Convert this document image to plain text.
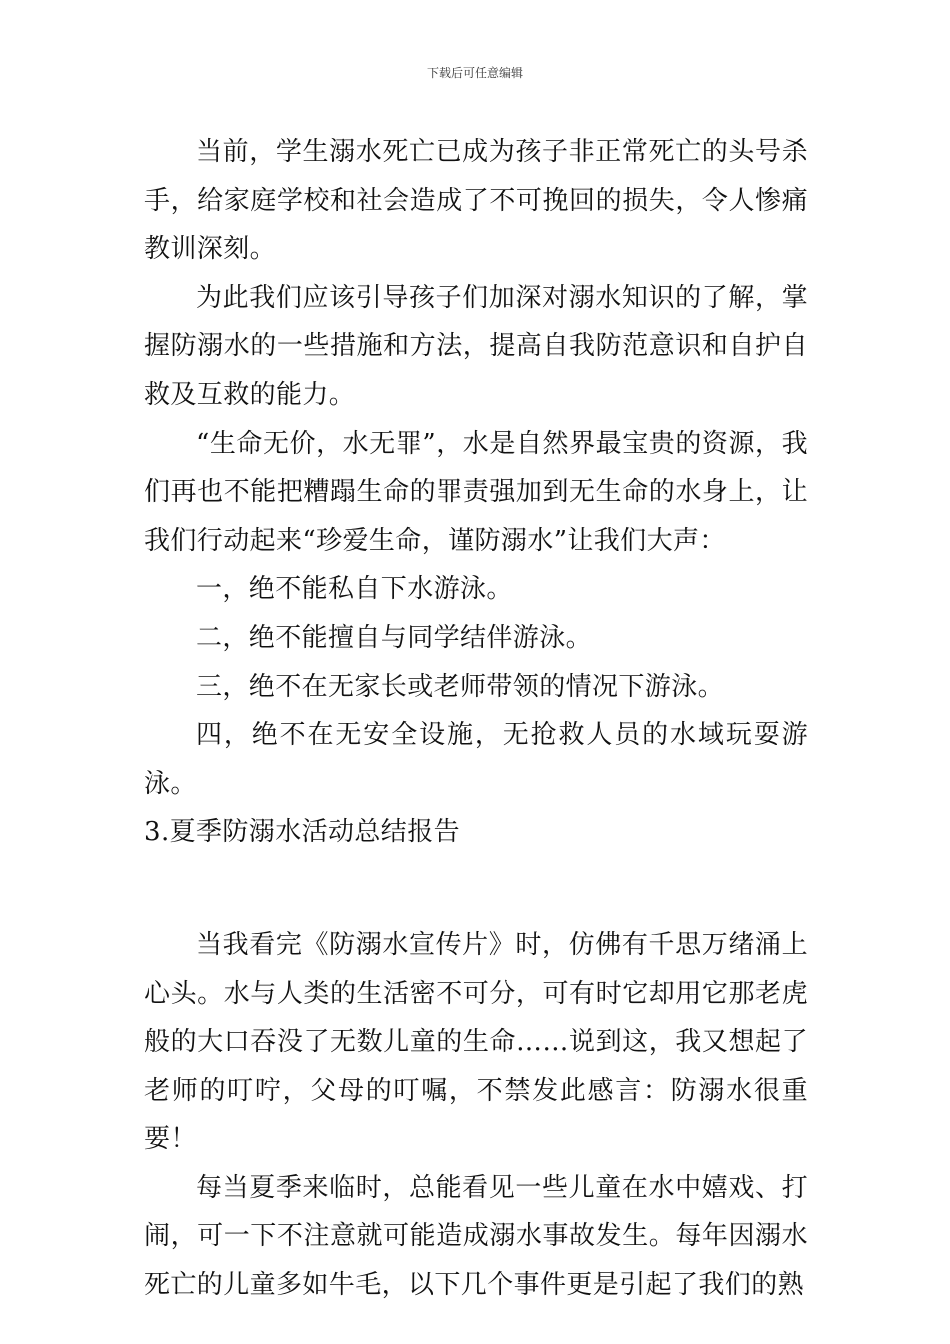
下载后可任意编辑

当前，学生溺水死亡已成为孩子非正常死亡的头号杀手，给家庭学校和社会造成了不可挽回的损失，令人惨痛教训深刻。

为此我们应该引导孩子们加深对溺水知识的了解，掌握防溺水的一些措施和方法，提高自我防范意识和自护自救及互救的能力。

“生命无价，水无罪”，水是自然界最宝贵的资源，我们再也不能把糟蹋生命的罪责强加到无生命的水身上，让我们行动起来“珍爱生命，谨防溺水”让我们大声：

一，绝不能私自下水游泳。

二，绝不能擅自与同学结伴游泳。

三，绝不在无家长或老师带领的情况下游泳。

四，绝不在无安全设施，无抢救人员的水域玩耍游泳。

3.夏季防溺水活动总结报告

当我看完《防溺水宣传片》时，仿佛有千思万绪涌上心头。水与人类的生活密不可分，可有时它却用它那老虎般的大口吞没了无数儿童的生命……说到这，我又想起了老师的叮咛，父母的叮嘱，不禁发此感言：防溺水很重要！

每当夏季来临时，总能看见一些儿童在水中嬉戏、打闹，可一下不注意就可能造成溺水事故发生。每年因溺水死亡的儿童多如牛毛，以下几个事件更是引起了我们的熟
